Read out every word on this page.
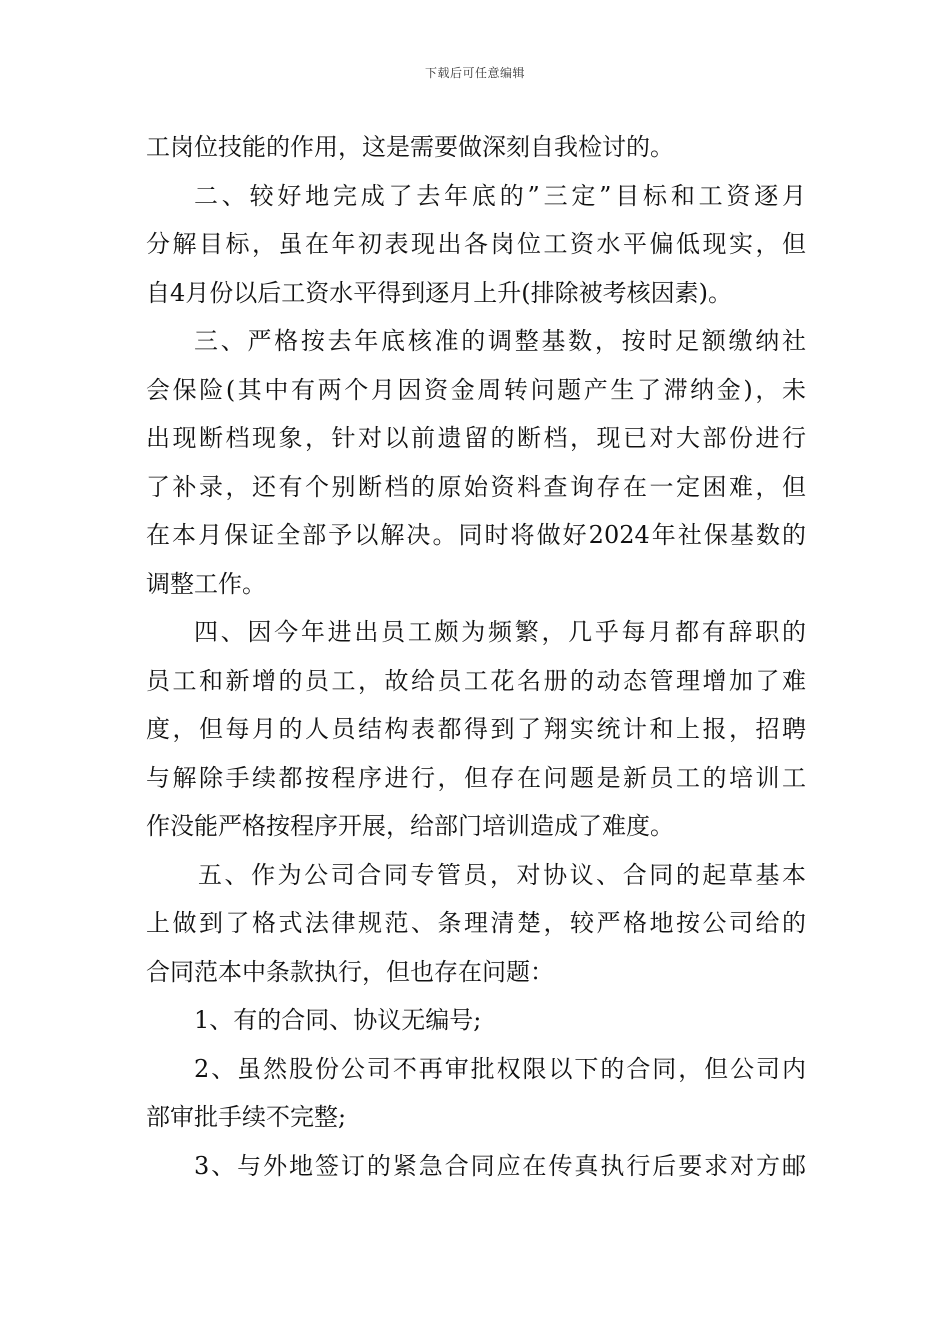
下载后可任意编辑
工岗位技能的作用，这是需要做深刻自我检讨的。
二、较好地完成了去年底的”三定”目标和工资逐月
分解目标，虽在年初表现出各岗位工资水平偏低现实，但
自4月份以后工资水平得到逐月上升(排除被考核因素)。
三、严格按去年底核准的调整基数，按时足额缴纳社
会保险(其中有两个月因资金周转问题产生了滞纳金)，未
出现断档现象，针对以前遗留的断档，现已对大部份进行
了补录，还有个别断档的原始资料查询存在一定困难，但
在本月保证全部予以解决。同时将做好2024年社保基数的
调整工作。
四、因今年进出员工颇为频繁，几乎每月都有辞职的
员工和新增的员工，故给员工花名册的动态管理增加了难
度，但每月的人员结构表都得到了翔实统计和上报，招聘
与解除手续都按程序进行，但存在问题是新员工的培训工
作没能严格按程序开展，给部门培训造成了难度。
五、作为公司合同专管员，对协议、合同的起草基本
上做到了格式法律规范、条理清楚，较严格地按公司给的
合同范本中条款执行，但也存在问题：
1、有的合同、协议无编号;
2、虽然股份公司不再审批权限以下的合同，但公司内
部审批手续不完整;
3、与外地签订的紧急合同应在传真执行后要求对方邮
